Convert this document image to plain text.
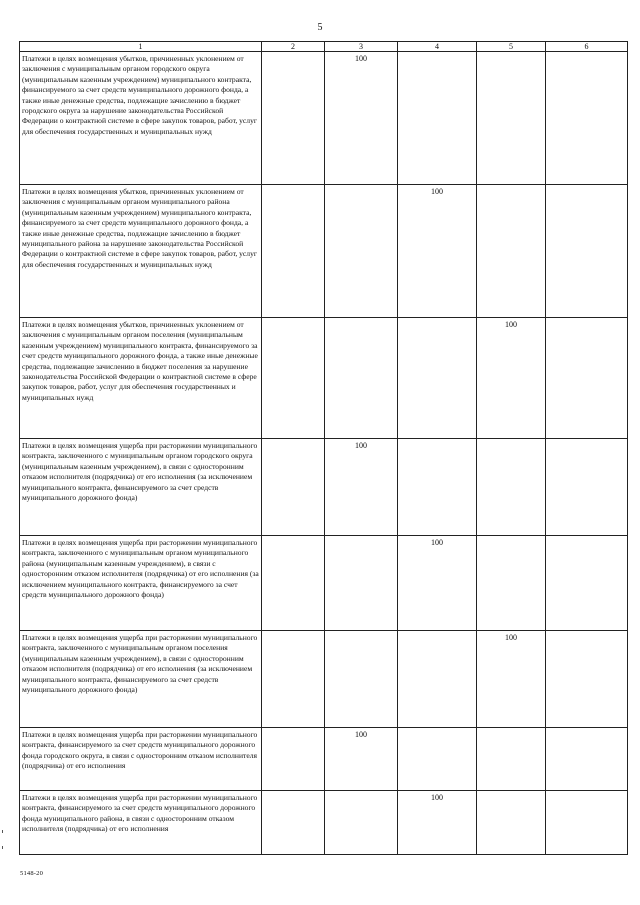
5
1	2	3	4	5	6
Платежи в целях возмещения убытков, причиненных уклонением от заключения с муниципальным органом городского округа (муниципальным казенным учреждением) муниципального контракта, финансируемого за счет средств муниципального дорожного фонда, а также иные денежные средства, подлежащие зачислению в бюджет городского округа за нарушение законодательства Российской Федерации о контрактной системе в сфере закупок товаров, работ, услуг для обеспечения государственных и муниципальных нужд		100			
Платежи в целях возмещения убытков, причиненных уклонением от заключения с муниципальным органом муниципального района (муниципальным казенным учреждением) муниципального контракта, финансируемого за счет средств муниципального дорожного фонда, а также иные денежные средства, подлежащие зачислению в бюджет муниципального района за нарушение законодательства Российской Федерации о контрактной системе в сфере закупок товаров, работ, услуг для обеспечения государственных и муниципальных нужд			100		
Платежи в целях возмещения убытков, причиненных уклонением от заключения с муниципальным органом поселения (муниципальным казенным учреждением) муниципального контракта, финансируемого за счет средств муниципального дорожного фонда, а также иные денежные средства, подлежащие зачислению в бюджет поселения за нарушение законодательства Российской Федерации о контрактной системе в сфере закупок товаров, работ, услуг для обеспечения государственных и муниципальных нужд				100	
Платежи в целях возмещения ущерба при расторжении муниципального контракта, заключенного с муниципальным органом городского округа (муниципальным казенным учреждением), в связи с односторонним отказом исполнителя (подрядчика) от его исполнения (за исключением муниципального контракта, финансируемого за счет средств муниципального дорожного фонда)		100			
Платежи в целях возмещения ущерба при расторжении муниципального контракта, заключенного с муниципальным органом муниципального района (муниципальным казенным учреждением), в связи с односторонним отказом исполнителя (подрядчика) от его исполнения (за исключением муниципального контракта, финансируемого за счет средств муниципального дорожного фонда)			100		
Платежи в целях возмещения ущерба при расторжении муниципального контракта, заключенного с муниципальным органом поселения (муниципальным казенным учреждением), в связи с односторонним отказом исполнителя (подрядчика) от его исполнения (за исключением муниципального контракта, финансируемого за счет средств муниципального дорожного фонда)				100	
Платежи в целях возмещения ущерба при расторжении муниципального контракта, финансируемого за счет средств муниципального дорожного фонда городского округа, в связи с односторонним отказом исполнителя (подрядчика) от его исполнения		100			
Платежи в целях возмещения ущерба при расторжении муниципального контракта, финансируемого за счет средств муниципального дорожного фонда муниципального района, в связи с односторонним отказом исполнителя (подрядчика) от его исполнения			100		
5148-20
